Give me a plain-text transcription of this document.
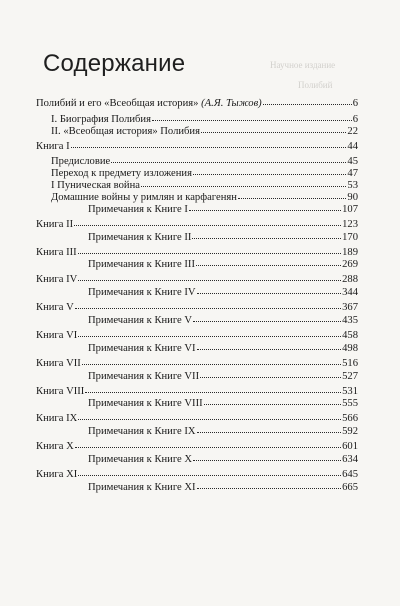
Научное издание
Полибий
Содержание
Полибий и его «Всеобщая история» (А.Я. Тыжов)	6
I. Биография Полибия	6
II. «Всеобщая история» Полибия	22
Книга I	44
Предисловие	45
Переход к предмету изложения	47
I Пуническая война	53
Домашние войны у римлян и карфагенян	90
Примечания к Книге I	107
Книга II	123
Примечания к Книге II	170
Книга III	189
Примечания к Книге III	269
Книга IV	288
Примечания к Книге IV	344
Книга V	367
Примечания к Книге V	435
Книга VI	458
Примечания к Книге VI	498
Книга VII	516
Примечания к Книге VII	527
Книга VIII	531
Примечания к Книге VIII	555
Книга IX	566
Примечания к Книге IX	592
Книга X	601
Примечания к Книге X	634
Книга XI	645
Примечания к Книге XI	665
